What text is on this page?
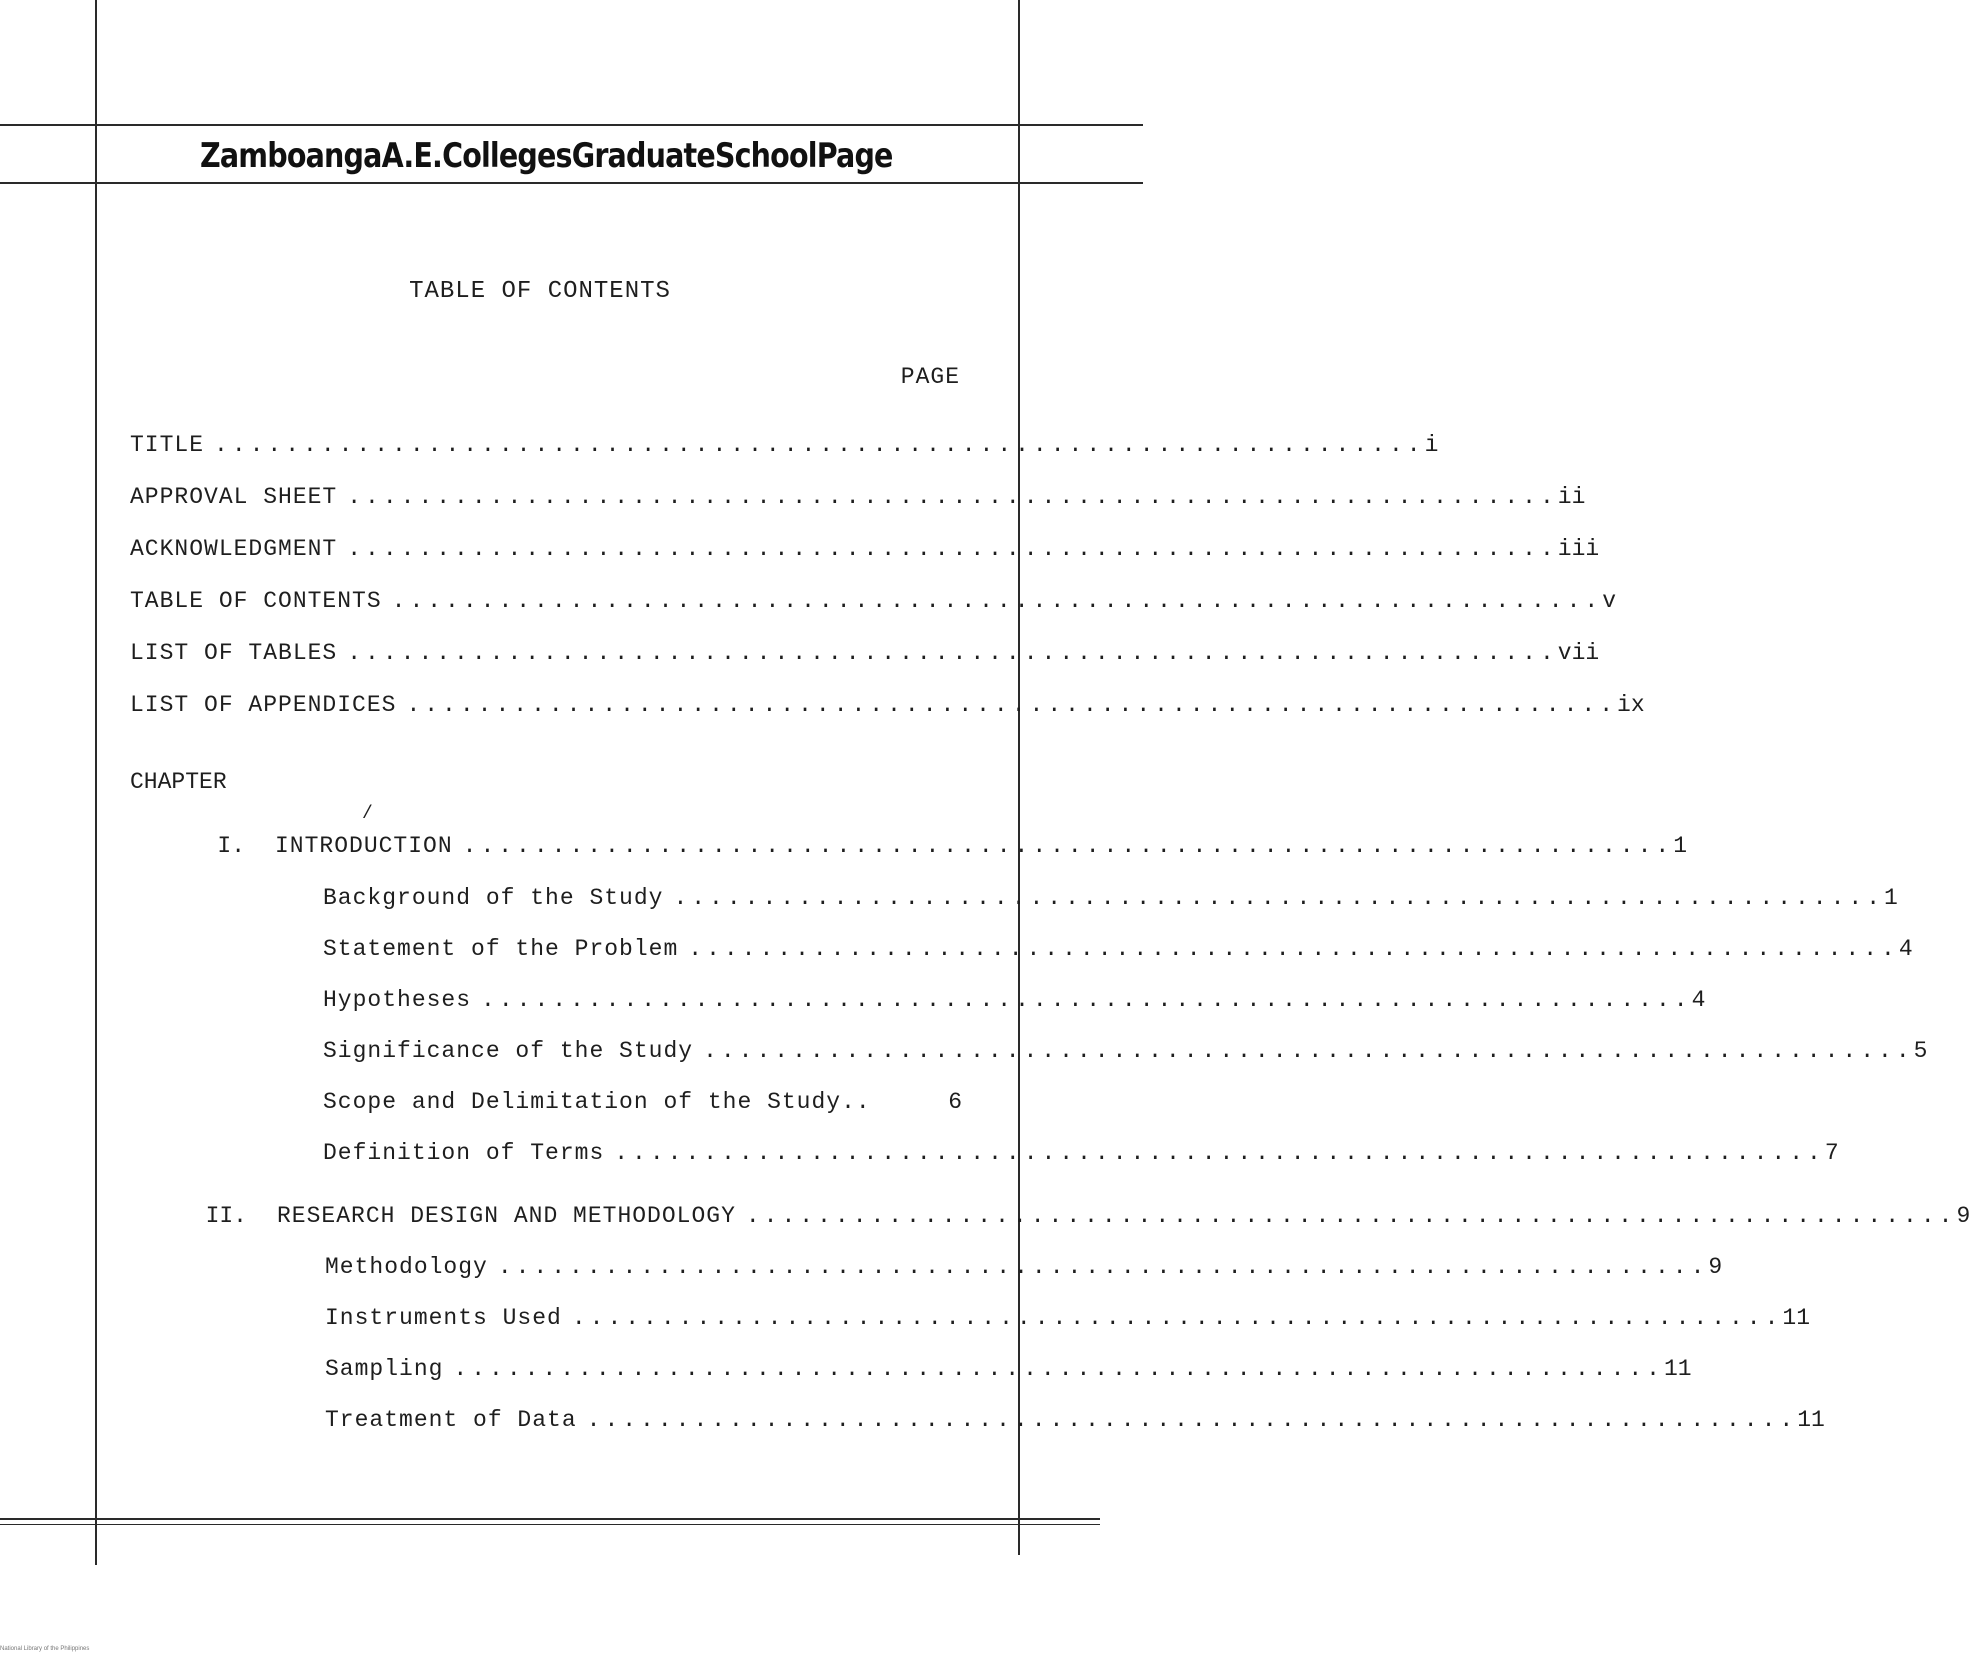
Zamboanga A. E. Colleges Graduate School Page
TABLE OF CONTENTS
PAGE
TITLE .................................................................... i
APPROVAL SHEET .................................................................... ii
ACKNOWLEDGMENT .................................................................... iii
TABLE OF CONTENTS .................................................................... v
LIST OF TABLES .................................................................... vii
LIST OF APPENDICES .................................................................... ix
CHAPTER
/
I. INTRODUCTION .................................................................... 1
Background of the Study .................................................................... 1
Statement of the Problem .................................................................... 4
Hypotheses .................................................................... 4
Significance of the Study .................................................................... 5
Scope and Delimitation of the Study..	6
Definition of Terms .................................................................... 7
II. RESEARCH DESIGN AND METHODOLOGY .................................................................... 9
Methodology .................................................................... 9
Instruments Used .................................................................... 11
Sampling .................................................................... 11
Treatment of Data .................................................................... 11
National Library of the Philippines
